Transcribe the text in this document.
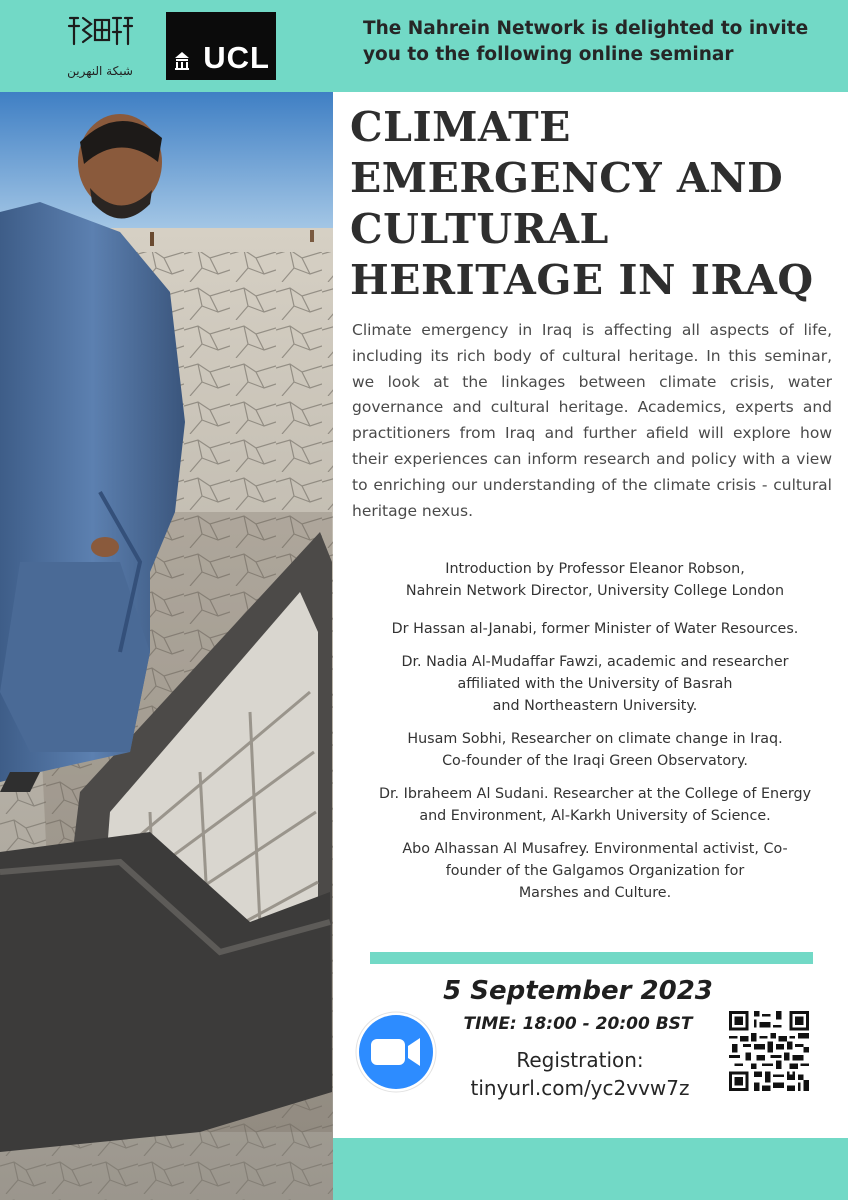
شبكة النهرين UCL
The Nahrein Network is delighted to invite you to the following online seminar
CLIMATE EMERGENCY AND CULTURAL HERITAGE IN IRAQ
Climate emergency in Iraq is affecting all aspects of life, including its rich body of cultural heritage. In this seminar, we look at the linkages between climate crisis, water governance and cultural heritage. Academics, experts and practitioners from Iraq and further afield will explore how their experiences can inform research and policy with a view to enriching our understanding of the climate crisis - cultural heritage nexus.
Introduction by Professor Eleanor Robson,
Nahrein Network Director, University College London
Dr Hassan al-Janabi, former Minister of Water Resources.
Dr. Nadia Al-Mudaffar Fawzi, academic and researcher
affiliated with the University of Basrah
and Northeastern University.
Husam Sobhi, Researcher on climate change in Iraq.
Co-founder of the Iraqi Green Observatory.
Dr. Ibraheem Al Sudani. Researcher at the College of Energy
and Environment, Al-Karkh University of Science.
Abo Alhassan Al Musafrey. Environmental activist, Co-
founder of the Galgamos Organization for
Marshes and Culture.
5 September 2023
TIME: 18:00 - 20:00 BST
Registration:
tinyurl.com/yc2vvw7z
